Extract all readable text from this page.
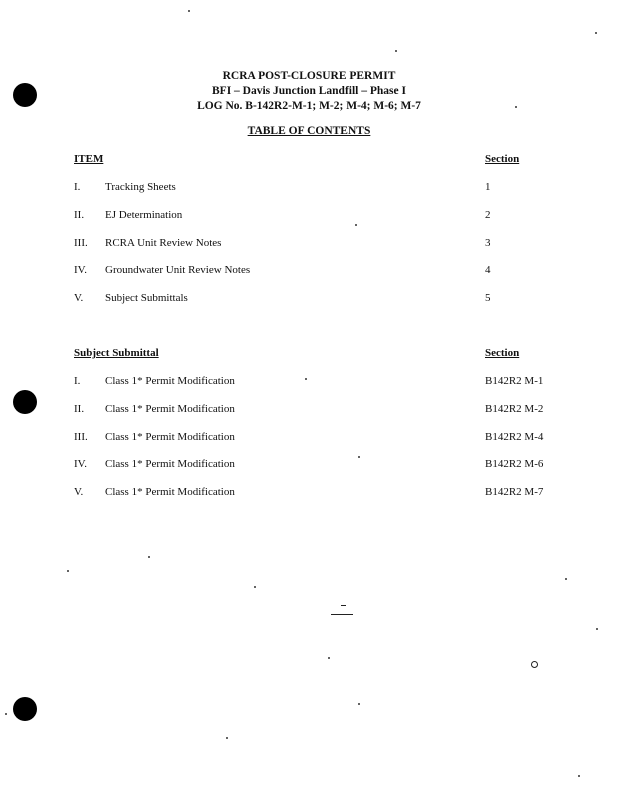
RCRA POST-CLOSURE PERMIT
BFI – Davis Junction Landfill – Phase I
LOG No. B-142R2-M-1; M-2; M-4; M-6; M-7
TABLE OF CONTENTS
ITEM	Section
I. Tracking Sheets	1
II. EJ Determination	2
III. RCRA Unit Review Notes	3
IV. Groundwater Unit Review Notes	4
V. Subject Submittals	5
Subject Submittal	Section
I. Class 1* Permit Modification	B142R2 M-1
II. Class 1* Permit Modification	B142R2 M-2
III. Class 1* Permit Modification	B142R2 M-4
IV. Class 1* Permit Modification	B142R2 M-6
V. Class 1* Permit Modification	B142R2 M-7
